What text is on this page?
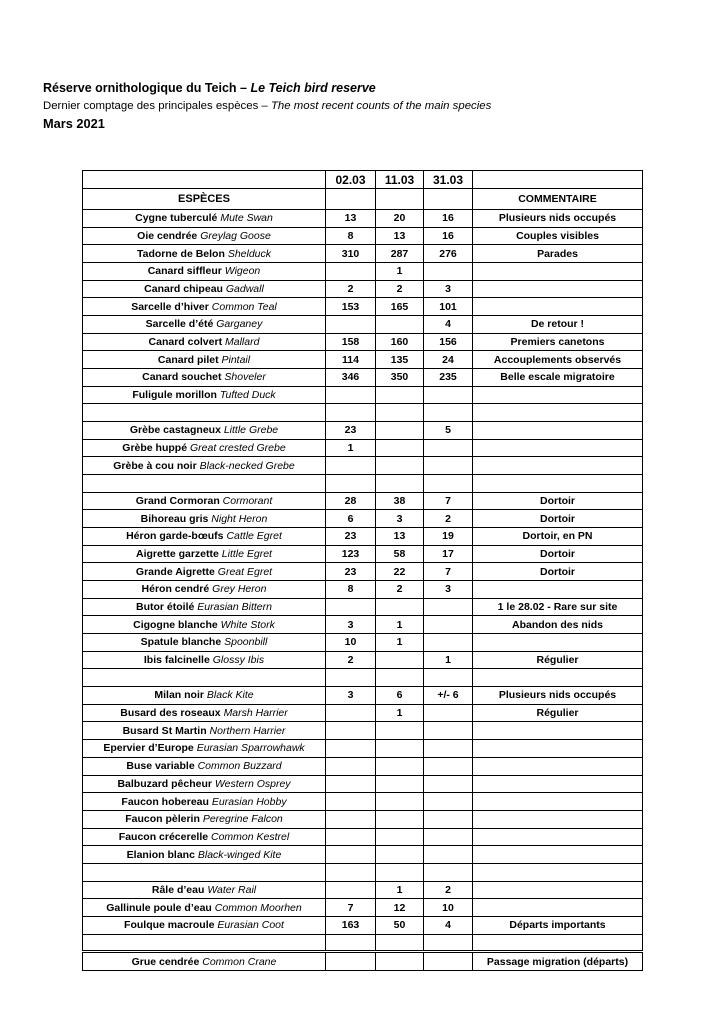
Réserve ornithologique du Teich – Le Teich bird reserve
Dernier comptage des principales espèces – The most recent counts of the main species
Mars 2021
	02.03	11.03	31.03	
ESPÈCES				COMMENTAIRE
Cygne tuberculé Mute Swan	13	20	16	Plusieurs nids occupés
Oie cendrée Greylag Goose	8	13	16	Couples visibles
Tadorne de Belon Shelduck	310	287	276	Parades
Canard siffleur Wigeon		1		
Canard chipeau Gadwall	2	2	3	
Sarcelle d’hiver Common Teal	153	165	101	
Sarcelle d’été Garganey			4	De retour !
Canard colvert Mallard	158	160	156	Premiers canetons
Canard pilet Pintail	114	135	24	Accouplements observés
Canard souchet Shoveler	346	350	235	Belle escale migratoire
Fuligule morillon Tufted Duck				

Grèbe castagneux Little Grebe	23		5	
Grèbe huppé Great crested Grebe	1			
Grèbe à cou noir Black-necked Grebe				

Grand Cormoran Cormorant	28	38	7	Dortoir
Bihoreau gris Night Heron	6	3	2	Dortoir
Héron garde-bœufs Cattle Egret	23	13	19	Dortoir, en PN
Aigrette garzette Little Egret	123	58	17	Dortoir
Grande Aigrette Great Egret	23	22	7	Dortoir
Héron cendré Grey Heron	8	2	3	
Butor étoilé Eurasian Bittern				1 le 28.02 - Rare sur site
Cigogne blanche White Stork	3	1		Abandon des nids
Spatule blanche Spoonbill	10	1		
Ibis falcinelle Glossy Ibis	2		1	Régulier

Milan noir Black Kite	3	6	+/- 6	Plusieurs nids occupés
Busard des roseaux Marsh Harrier		1		Régulier
Busard St Martin Northern Harrier				
Epervier d’Europe Eurasian Sparrowhawk				
Buse variable Common Buzzard				
Balbuzard pêcheur Western Osprey				
Faucon hobereau Eurasian Hobby				
Faucon pèlerin Peregrine Falcon				
Faucon crécerelle Common Kestrel				
Elanion blanc Black-winged Kite				

Râle d’eau Water Rail		1	2	
Gallinule poule d’eau Common Moorhen	7	12	10	
Foulque macroule Eurasian Coot	163	50	4	Départs importants

Grue cendrée Common Crane				Passage migration (départs)
